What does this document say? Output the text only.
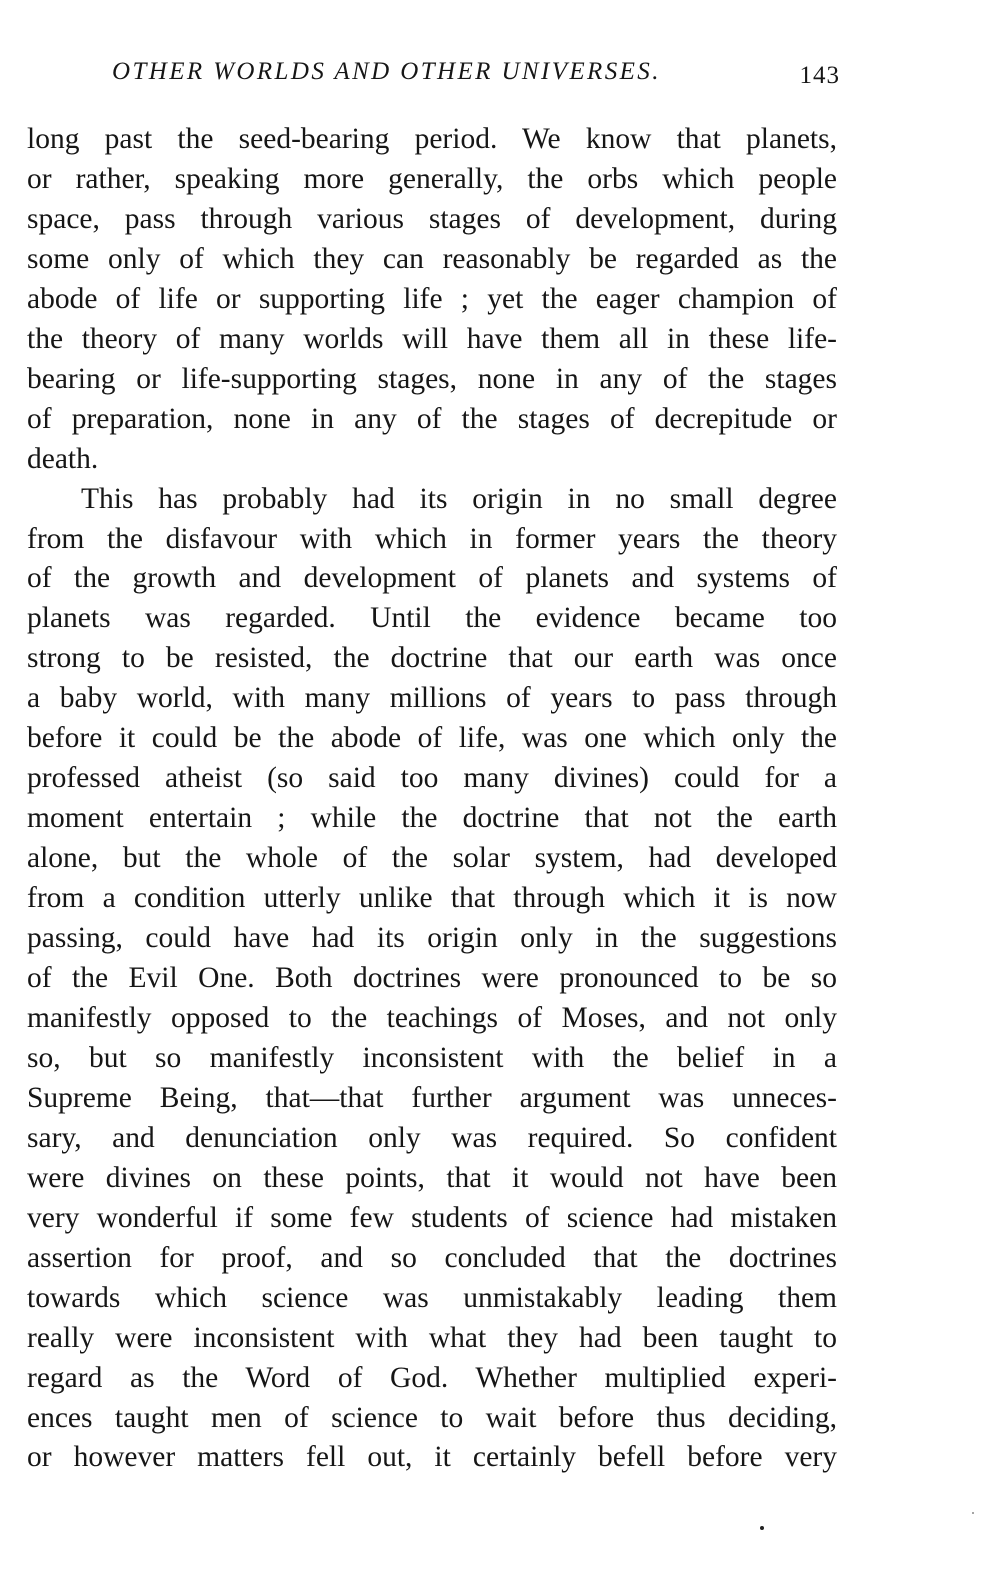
OTHER WORLDS AND OTHER UNIVERSES.	143

long past the seed-bearing period. We know that planets,

or rather, speaking more generally, the orbs which people

space, pass through various stages of development, during

some only of which they can reasonably be regarded as the

abode of life or supporting life ; yet the eager champion of

the theory of many worlds will have them all in these life-

bearing or life-supporting stages, none in any of the stages

of preparation, none in any of the stages of decrepitude or

death.

This has probably had its origin in no small degree

from the disfavour with which in former years the theory

of the growth and development of planets and systems of

planets was regarded. Until the evidence became too

strong to be resisted, the doctrine that our earth was once

a baby world, with many millions of years to pass through

before it could be the abode of life, was one which only the

professed atheist (so said too many divines) could for a

moment entertain ; while the doctrine that not the earth

alone, but the whole of the solar system, had developed

from a condition utterly unlike that through which it is now

passing, could have had its origin only in the suggestions

of the Evil One. Both doctrines were pronounced to be so

manifestly opposed to the teachings of Moses, and not only

so, but so manifestly inconsistent with the belief in a

Supreme Being, that—that further argument was unneces-

sary, and denunciation only was required. So confident

were divines on these points, that it would not have been

very wonderful if some few students of science had mistaken

assertion for proof, and so concluded that the doctrines

towards which science was unmistakably leading them

really were inconsistent with what they had been taught to

regard as the Word of God. Whether multiplied experi-

ences taught men of science to wait before thus deciding,

or however matters fell out, it certainly befell before very
